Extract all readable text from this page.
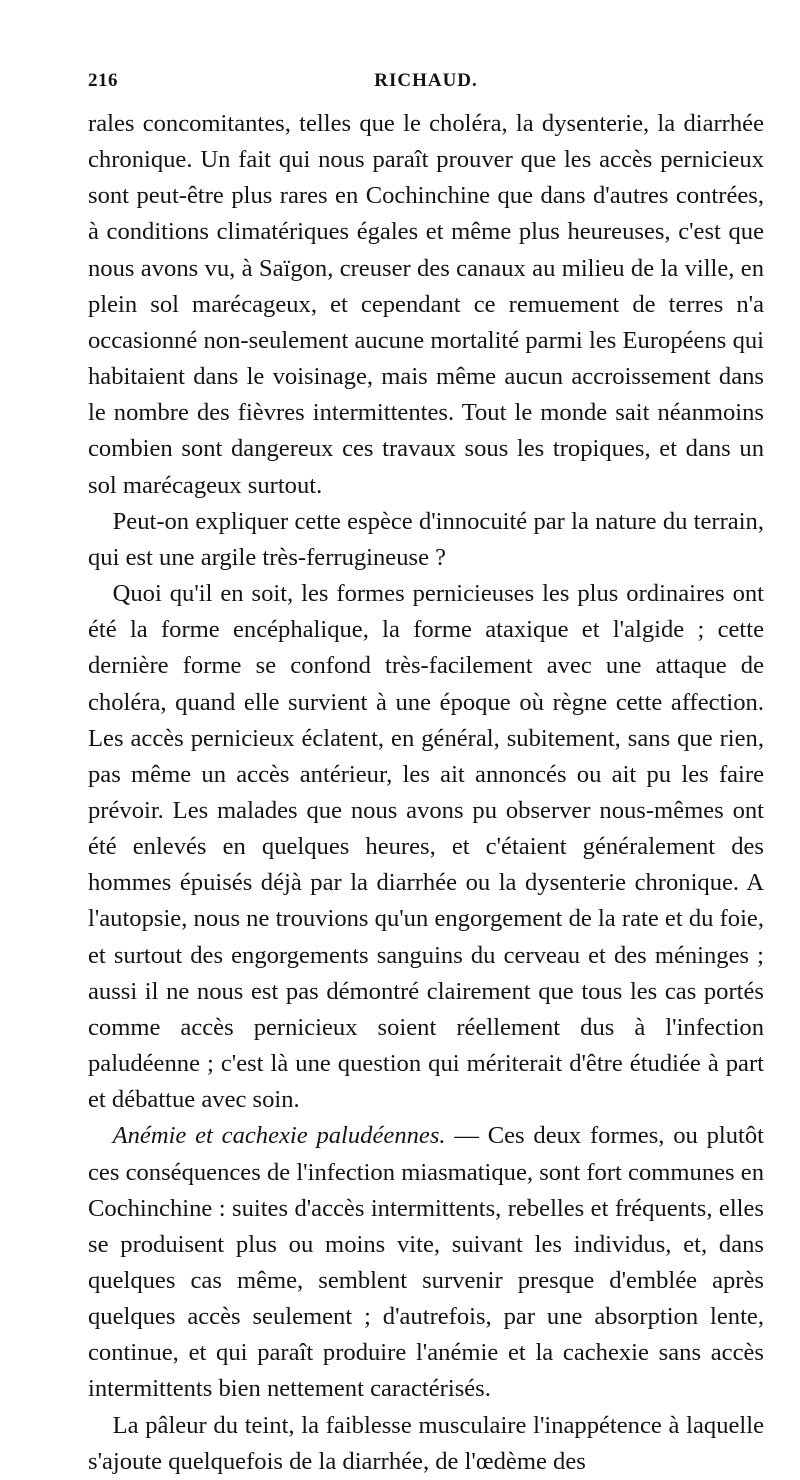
216	RICHAUD.

rales concomitantes, telles que le choléra, la dysenterie, la diarrhée chronique. Un fait qui nous paraît prouver que les accès pernicieux sont peut-être plus rares en Cochinchine que dans d'autres contrées, à conditions climatériques égales et même plus heureuses, c'est que nous avons vu, à Saïgon, creuser des canaux au milieu de la ville, en plein sol marécageux, et cependant ce remuement de terres n'a occasionné non-seulement aucune mortalité parmi les Européens qui habitaient dans le voisinage, mais même aucun accroissement dans le nombre des fièvres intermittentes. Tout le monde sait néanmoins combien sont dangereux ces travaux sous les tropiques, et dans un sol marécageux surtout.

 Peut-on expliquer cette espèce d'innocuité par la nature du terrain, qui est une argile très-ferrugineuse ?

 Quoi qu'il en soit, les formes pernicieuses les plus ordinaires ont été la forme encéphalique, la forme ataxique et l'algide ; cette dernière forme se confond très-facilement avec une attaque de choléra, quand elle survient à une époque où règne cette affection. Les accès pernicieux éclatent, en général, subitement, sans que rien, pas même un accès antérieur, les ait annoncés ou ait pu les faire prévoir. Les malades que nous avons pu observer nous-mêmes ont été enlevés en quelques heures, et c'étaient généralement des hommes épuisés déjà par la diarrhée ou la dysenterie chronique. A l'autopsie, nous ne trouvions qu'un engorgement de la rate et du foie, et surtout des engorgements sanguins du cerveau et des méninges ; aussi il ne nous est pas démontré clairement que tous les cas portés comme accès pernicieux soient réellement dus à l'infection paludéenne ; c'est là une question qui mériterait d'être étudiée à part et débattue avec soin.

 Anémie et cachexie paludéennes. — Ces deux formes, ou plutôt ces conséquences de l'infection miasmatique, sont fort communes en Cochinchine : suites d'accès intermittents, rebelles et fréquents, elles se produisent plus ou moins vite, suivant les individus, et, dans quelques cas même, semblent survenir presque d'emblée après quelques accès seulement ; d'autrefois, par une absorption lente, continue, et qui paraît produire l'anémie et la cachexie sans accès intermittents bien nettement caractérisés.

 La pâleur du teint, la faiblesse musculaire l'inappétence à laquelle s'ajoute quelquefois de la diarrhée, de l'œdème des
